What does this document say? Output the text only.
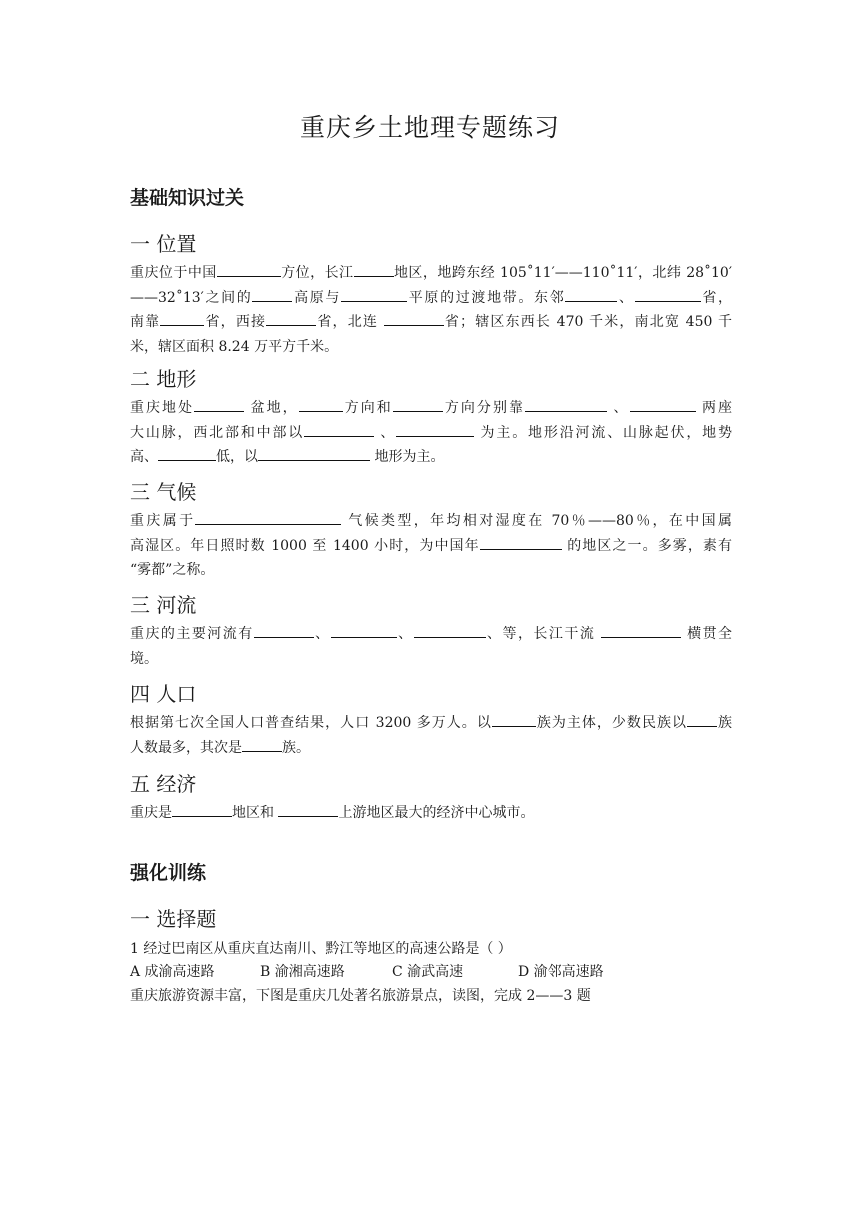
重庆乡土地理专题练习
基础知识过关
一 位置
重庆位于中国	方位，长江	地区，地跨东经 105˚11′——110˚11′，北纬 28˚10′
——32˚13′之间的	高原与	平原的过渡地带。东邻	、	省，
南靠	省，西接	省，北连	省；辖区东西长 470 千米，南北宽 450 千
米，辖区面积 8.24 万平方千米。
二 地形
重庆地处	盆地，	方向和	方向分别靠	、	两座
大山脉，西北部和中部以	、	为主。地形沿河流、山脉起伏，地势
高、	低，以	地形为主。
三 气候
重庆属于	气候类型，年均相对湿度在 70％——80％，在中国属
高湿区。年日照时数 1000 至 1400 小时，为中国年	的地区之一。多雾，素有
“雾都”之称。
三 河流
重庆的主要河流有	、	、	、等，长江干流	横贯全
境。
四 人口
根据第七次全国人口普查结果，人口 3200 多万人。以	族为主体，少数民族以 族
人数最多，其次是	族。
五 经济
重庆是	地区和	上游地区最大的经济中心城市。
强化训练
一 选择题
1 经过巴南区从重庆直达南川、黔江等地区的高速公路是（ ）
A 成渝高速路	B 渝湘高速路	C 渝武高速	D 渝邻高速路
重庆旅游资源丰富，下图是重庆几处著名旅游景点，读图，完成 2——3 题
